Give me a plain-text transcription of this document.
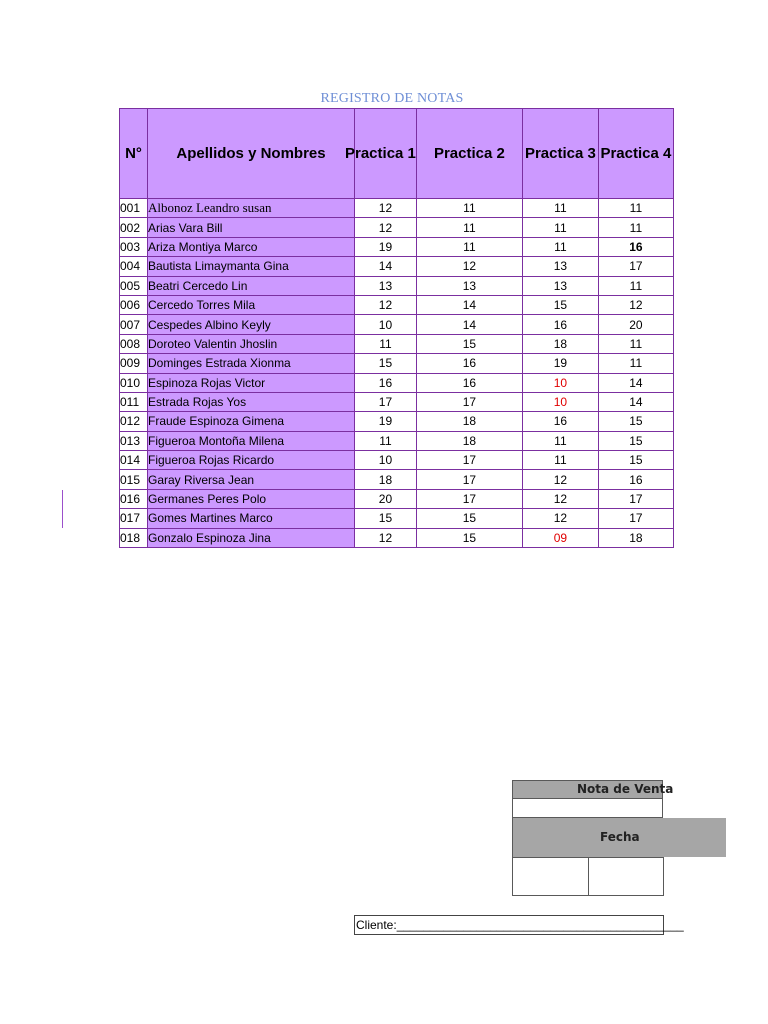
REGISTRO DE NOTAS
N°	Apellidos y Nombres	Practica 1	Practica 2	Practica 3	Practica 4
001	Albonoz Leandro susan	12	11	11	11
002	Arias Vara Bill	12	11	11	11
003	Ariza Montiya Marco	19	11	11	16
004	Bautista Limaymanta Gina	14	12	13	17
005	Beatri Cercedo Lin	13	13	13	11
006	Cercedo Torres Mila	12	14	15	12
007	Cespedes Albino Keyly	10	14	16	20
008	Doroteo Valentin Jhoslin	11	15	18	11
009	Dominges Estrada Xionma	15	16	19	11
010	Espinoza Rojas Victor	16	16	10	14
011	Estrada Rojas Yos	17	17	10	14
012	Fraude Espinoza Gimena	19	18	16	15
013	Figueroa Montoña Milena	11	18	11	15
014	Figueroa Rojas Ricardo	10	17	11	15
015	Garay Riversa Jean	18	17	12	16
016	Germanes Peres Polo	20	17	12	17
017	Gomes Martines Marco	15	15	12	17
018	Gonzalo Espinoza Jina	12	15	09	18
Nota de Venta
Fecha
Cliente:___________________________________________
